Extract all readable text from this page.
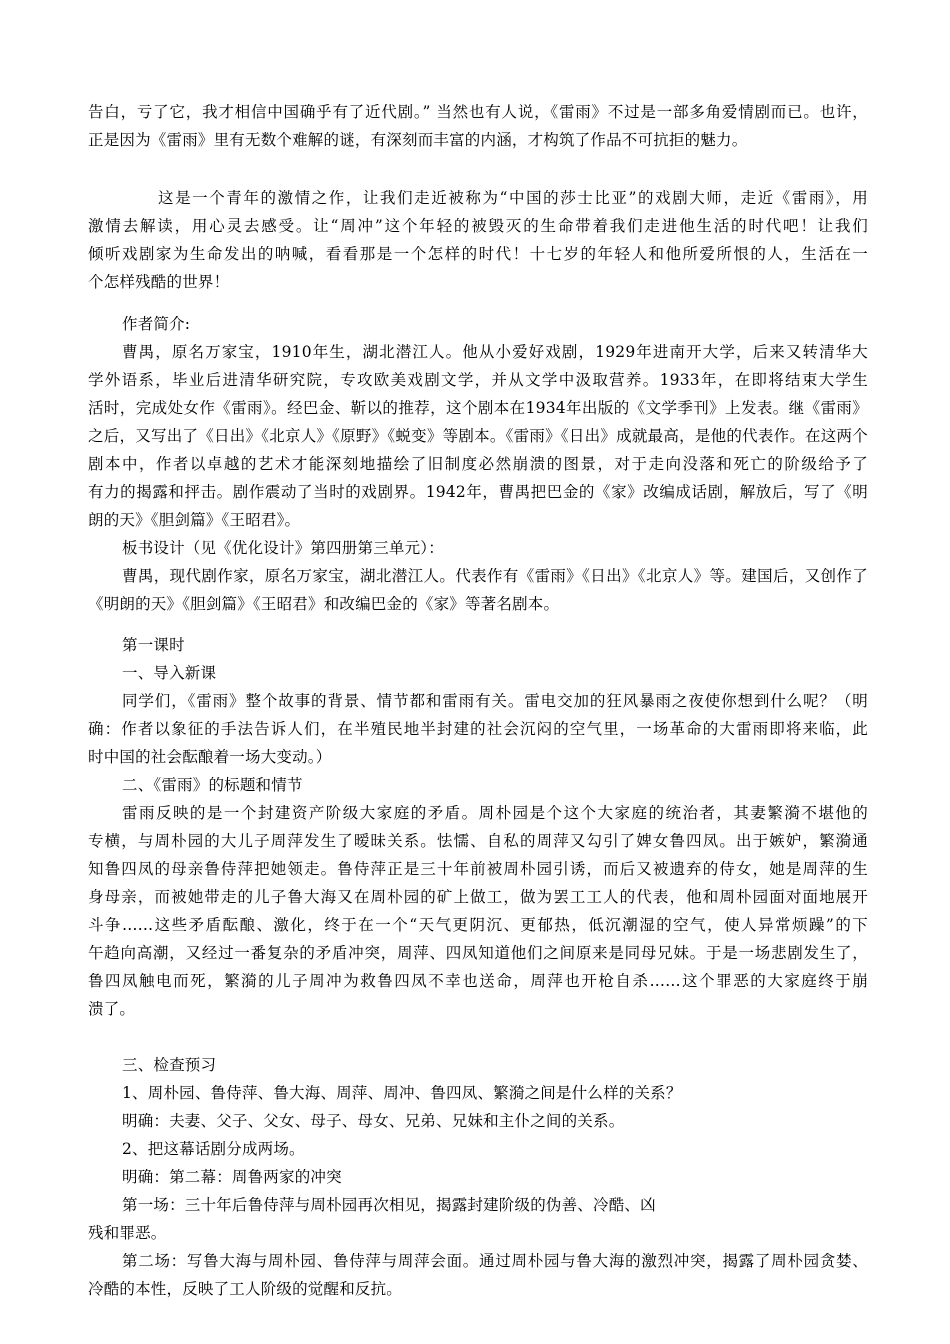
告白，亏了它，我才相信中国确乎有了近代剧。” 当然也有人说，《雷雨》不过是一部多角爱情剧而已。也许，
正是因为《雷雨》里有无数个难解的谜，有深刻而丰富的内涵，才构筑了作品不可抗拒的魅力。
这是一个青年的激情之作，让我们走近被称为“中国的莎士比亚”的戏剧大师，走近《雷雨》，用
激情去解读，用心灵去感受。让“周冲”这个年轻的被毁灭的生命带着我们走进他生活的时代吧！让我们
倾听戏剧家为生命发出的呐喊，看看那是一个怎样的时代！十七岁的年轻人和他所爱所恨的人，生活在一
个怎样残酷的世界！
作者简介:
曹禺，原名万家宝，1910年生，湖北潜江人。他从小爱好戏剧，1929年进南开大学，后来又转清华大
学外语系，毕业后进清华研究院，专攻欧美戏剧文学，并从文学中汲取营养。1933年，在即将结束大学生
活时，完成处女作《雷雨》。经巴金、靳以的推荐，这个剧本在1934年出版的《文学季刊》上发表。继《雷雨》
之后，又写出了《日出》《北京人》《原野》《蜕变》等剧本。《雷雨》《日出》成就最高，是他的代表作。在这两个
剧本中，作者以卓越的艺术才能深刻地描绘了旧制度必然崩溃的图景，对于走向没落和死亡的阶级给予了
有力的揭露和抨击。剧作震动了当时的戏剧界。1942年，曹禺把巴金的《家》改编成话剧，解放后，写了《明
朗的天》《胆剑篇》《王昭君》。
板书设计（见《优化设计》第四册第三单元）：
曹禺，现代剧作家，原名万家宝，湖北潜江人。代表作有《雷雨》《日出》《北京人》等。建国后，又创作了
《明朗的天》《胆剑篇》《王昭君》和改编巴金的《家》等著名剧本。
第一课时
一、导入新课
同学们，《雷雨》整个故事的背景、情节都和雷雨有关。雷电交加的狂风暴雨之夜使你想到什么呢？（明
确：作者以象征的手法告诉人们，在半殖民地半封建的社会沉闷的空气里，一场革命的大雷雨即将来临，此
时中国的社会酝酿着一场大变动。）
二、《雷雨》的标题和情节
雷雨反映的是一个封建资产阶级大家庭的矛盾。周朴园是个这个大家庭的统治者，其妻繁漪不堪他的
专横，与周朴园的大儿子周萍发生了暧昧关系。怯懦、自私的周萍又勾引了婢女鲁四凤。出于嫉妒，繁漪通
知鲁四凤的母亲鲁侍萍把她领走。鲁侍萍正是三十年前被周朴园引诱，而后又被遗弃的侍女，她是周萍的生
身母亲，而被她带走的儿子鲁大海又在周朴园的矿上做工，做为罢工工人的代表，他和周朴园面对面地展开
斗争……这些矛盾酝酿、激化，终于在一个“天气更阴沉、更郁热，低沉潮湿的空气，使人异常烦躁”的下
午趋向高潮，又经过一番复杂的矛盾冲突，周萍、四凤知道他们之间原来是同母兄妹。于是一场悲剧发生了，
鲁四凤触电而死，繁漪的儿子周冲为救鲁四凤不幸也送命，周萍也开枪自杀……这个罪恶的大家庭终于崩
溃了。
三、检查预习
1、周朴园、鲁侍萍、鲁大海、周萍、周冲、鲁四凤、繁漪之间是什么样的关系？
明确：夫妻、父子、父女、母子、母女、兄弟、兄妹和主仆之间的关系。
2、把这幕话剧分成两场。
明确：第二幕：周鲁两家的冲突
第一场：三十年后鲁侍萍与周朴园再次相见，揭露封建阶级的伪善、冷酷、凶
残和罪恶。
第二场：写鲁大海与周朴园、鲁侍萍与周萍会面。通过周朴园与鲁大海的激烈冲突，揭露了周朴园贪婪、
冷酷的本性，反映了工人阶级的觉醒和反抗。
